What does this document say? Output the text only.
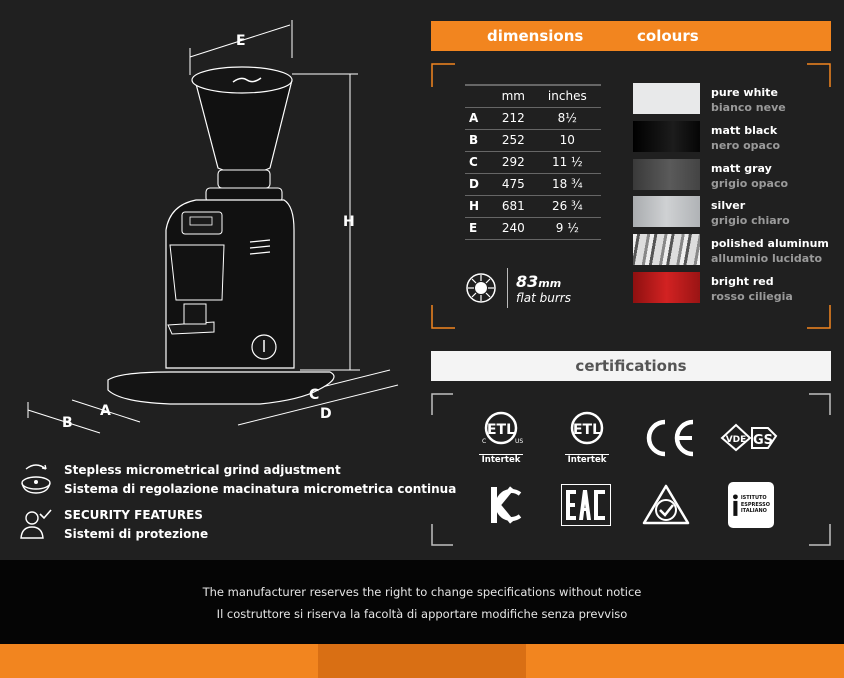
E
H
C
D
B
A
Stepless micrometrical grind adjustment
Sistema di regolazione macinatura micrometrica continua
SECURITY FEATURES
Sistemi di protezione
dimensions	colours
	mm	inches
A	212	8½
B	252	10
C	292	11 ½
D	475	18 ¾
H	681	26 ¾
E	240	9 ½
83mm
flat burrs
pure white
bianco neve
matt black
nero opaco
matt gray
grigio opaco
silver
grigio chiaro
polished aluminum
alluminio lucidato
bright red
rosso ciliegia
certifications
ETL
C	US
Intertek
ETL
Intertek
VDE GS
ISTITUTO
ESPRESSO
ITALIANO

The manufacturer reserves the right to change specifications without notice

Il costruttore si riserva la facoltà di apportare modifiche senza prevviso
